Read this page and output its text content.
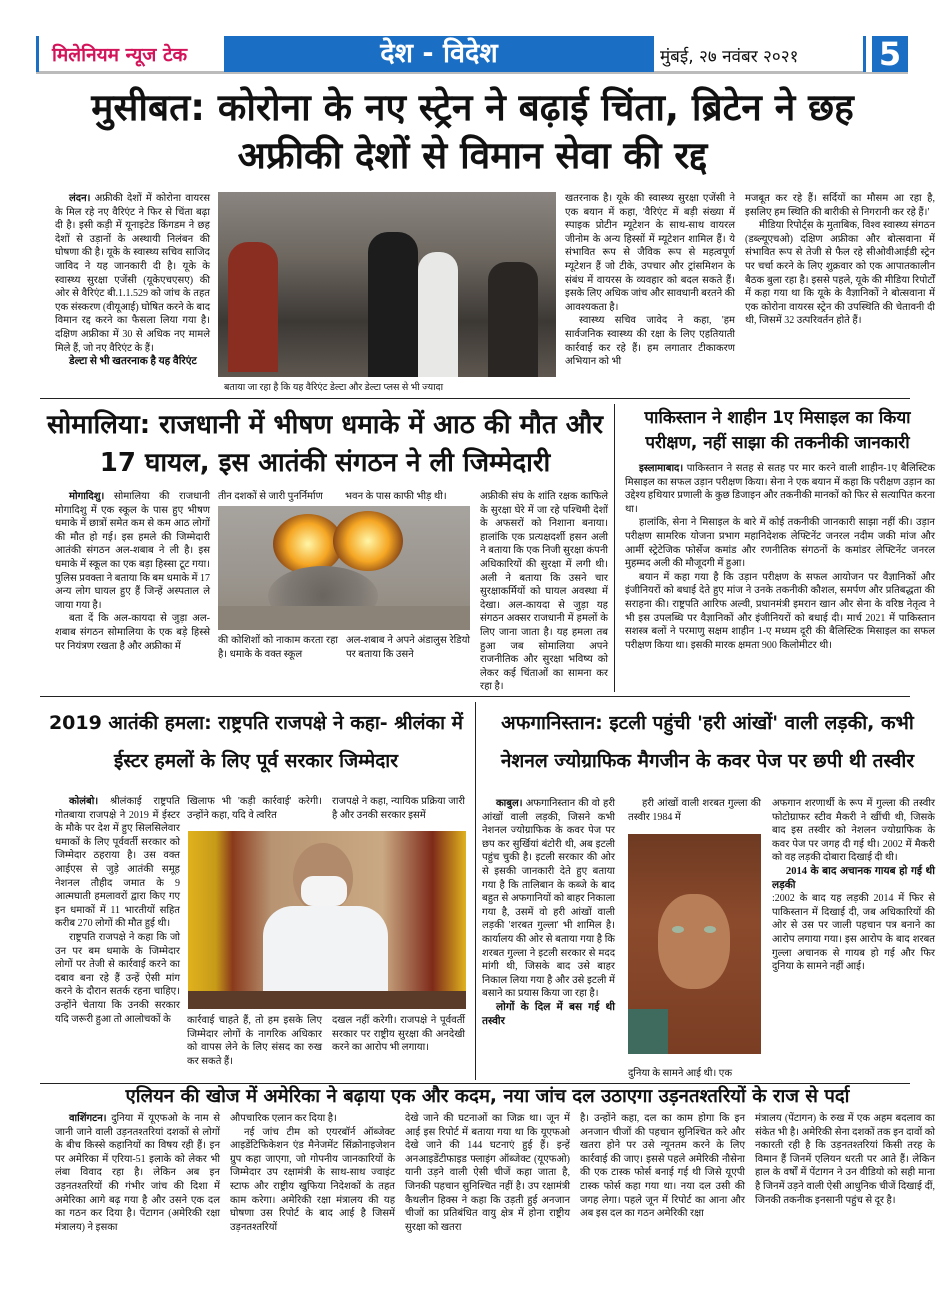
मिलेनियम न्यूज टेक	देश - विदेश	मुंबई, २७ नवंबर २०२१	5
मुसीबत: कोरोना के नए स्ट्रेन ने बढ़ाई चिंता, ब्रिटेन ने छह अफ्रीकी देशों से विमान सेवा की रद्द

लंदन। अफ्रीकी देशों में कोरोना वायरस के मिल रहे नए वैरिएंट ने फिर से चिंता बढ़ा दी है। इसी कड़ी में यूनाइटेड किंगडम ने छह देशों से उड़ानों के अस्थायी निलंबन की घोषणा की है। यूके के स्वास्थ्य सचिव साजिद जाविद ने यह जानकारी दी है। यूके के स्वास्थ्य सुरक्षा एजेंसी (यूकेएचएसए) की ओर से वैरिएंट बी.1.1.529 को जांच के तहत एक संस्करण (वीयूआई) घोषित करने के बाद विमान रद्द करने का फैसला लिया गया है। दक्षिण अफ्रीका में 30 से अधिक नए मामले मिले हैं, जो नए वैरिएंट के हैं।

डेल्टा से भी खतरनाक है यह वैरिएंट

बताया जा रहा है कि यह वैरिएंट डेल्टा और डेल्टा प्लस से भी ज्यादा

खतरनाक है। यूके की स्वास्थ्य सुरक्षा एजेंसी ने एक बयान में कहा, 'वैरिएंट में बड़ी संख्या में स्पाइक प्रोटीन म्यूटेशन के साथ-साथ वायरल जीनोम के अन्य हिस्सों में म्यूटेशन शामिल हैं। ये संभावित रूप से जैविक रूप से महत्वपूर्ण म्यूटेशन हैं जो टीके, उपचार और ट्रांसमिशन के संबंध में वायरस के व्यवहार को बदल सकते हैं। इसके लिए अधिक जांच और सावधानी बरतने की आवश्यकता है।

स्वास्थ्य सचिव जावेद ने कहा, 'हम सार्वजनिक स्वास्थ्य की रक्षा के लिए एहतियाती कार्रवाई कर रहे हैं। हम लगातार टीकाकरण अभियान को भी

मजबूत कर रहे हैं। सर्दियों का मौसम आ रहा है, इसलिए हम स्थिति की बारीकी से निगरानी कर रहे हैं।'

मीडिया रिपोर्ट्स के मुताबिक, विश्व स्वास्थ्य संगठन (डब्ल्यूएचओ) दक्षिण अफ्रीका और बोत्सवाना में संभावित रूप से तेजी से फैल रहे सीओवीआईडी स्ट्रेन पर चर्चा करने के लिए शुक्रवार को एक आपातकालीन बैठक बुला रहा है। इससे पहले, यूके की मीडिया रिपोर्टों में कहा गया था कि यूके के वैज्ञानिकों ने बोत्सवाना में एक कोरोना वायरस स्ट्रेन की उपस्थिति की चेतावनी दी थी, जिसमें 32 उत्परिवर्तन होते हैं।

सोमालिया: राजधानी में भीषण धमाके में आठ की मौत और 17 घायल, इस आतंकी संगठन ने ली जिम्मेदारी

मोगादिशु। सोमालिया की राजधानी मोगादिशु में एक स्कूल के पास हुए भीषण धमाके में छात्रों समेत कम से कम आठ लोगों की मौत हो गई। इस हमले की जिम्मेदारी आतंकी संगठन अल-शबाब ने ली है। इस धमाके में स्कूल का एक बड़ा हिस्सा टूट गया। पुलिस प्रवक्ता ने बताया कि बम धमाके में 17 अन्य लोग घायल हुए हैं जिन्हें अस्पताल ले जाया गया है।

बता दें कि अल-कायदा से जुड़ा अल-शबाब संगठन सोमालिया के एक बड़े हिस्से पर नियंत्रण रखता है और अफ्रीका में

तीन दशकों से जारी पुनर्निर्माण	भवन के पास काफी भीड़ थी।
की कोशिशों को नाकाम करता रहा है। धमाके के वक्त स्कूल
अल-शबाब ने अपने अंडालुस रेडियो पर बताया कि उसने

अफ्रीकी संघ के शांति रक्षक काफिले के सुरक्षा घेरे में जा रहे पश्चिमी देशों के अफसरों को निशाना बनाया। हालांकि एक प्रत्यक्षदर्शी हसन अली ने बताया कि एक निजी सुरक्षा कंपनी अधिकारियों की सुरक्षा में लगी थी। अली ने बताया कि उसने चार सुरक्षाकर्मियों को घायल अवस्था में देखा। अल-कायदा से जुड़ा यह संगठन अक्सर राजधानी में हमलों के लिए जाना जाता है। यह हमला तब हुआ जब सोमालिया अपने राजनीतिक और सुरक्षा भविष्य को लेकर कई चिंताओं का सामना कर रहा है।

पाकिस्तान ने शाहीन 1ए मिसाइल का किया परीक्षण, नहीं साझा की तकनीकी जानकारी

इस्लामाबाद। पाकिस्तान ने सतह से सतह पर मार करने वाली शाहीन-1ए बैलिस्टिक मिसाइल का सफल उड़ान परीक्षण किया। सेना ने एक बयान में कहा कि परीक्षण उड़ान का उद्देश्य हथियार प्रणाली के कुछ डिजाइन और तकनीकी मानकों को फिर से सत्यापित करना था।

हालांकि, सेना ने मिसाइल के बारे में कोई तकनीकी जानकारी साझा नहीं की। उड़ान परीक्षण सामरिक योजना प्रभाग महानिदेशक लेफ्टिनेंट जनरल नदीम जकी मांज और आर्मी स्ट्रेटेजिक फोर्सेज कमांड और रणनीतिक संगठनों के कमांडर लेफ्टिनेंट जनरल मुहम्मद अली की मौजूदगी में हुआ।

बयान में कहा गया है कि उड़ान परीक्षण के सफल आयोजन पर वैज्ञानिकों और इंजीनियरों को बधाई देते हुए मांज ने उनके तकनीकी कौशल, समर्पण और प्रतिबद्धता की सराहना की। राष्ट्रपति आरिफ अल्वी, प्रधानमंत्री इमरान खान और सेना के वरिष्ठ नेतृत्व ने भी इस उपलब्धि पर वैज्ञानिकों और इंजीनियरों को बधाई दी। मार्च 2021 में पाकिस्तान सशस्त्र बलों ने परमाणु सक्षम शाहीन 1-ए मध्यम दूरी की बैलिस्टिक मिसाइल का सफल परीक्षण किया था। इसकी मारक क्षमता 900 किलोमीटर थी।

2019 आतंकी हमला: राष्ट्रपति राजपक्षे ने कहा- श्रीलंका में ईस्टर हमलों के लिए पूर्व सरकार जिम्मेदार

कोलंबो। श्रीलंकाई राष्ट्रपति गोतबाया राजपक्षे ने 2019 में ईस्टर के मौके पर देश में हुए सिलसिलेवार धमाकों के लिए पूर्ववर्ती सरकार को जिम्मेदार ठहराया है। उस वक्त आईएस से जुड़े आतंकी समूह नेशनल तौहीद जमात के 9 आत्मघाती हमलावरों द्वारा किए गए इन धमाकों में 11 भारतीयों सहित करीब 270 लोगों की मौत हुई थी।

राष्ट्रपति राजपक्षे ने कहा कि जो उन पर बम धमाके के जिम्मेदार लोगों पर तेजी से कार्रवाई करने का दबाव बना रहे हैं उन्हें ऐसी मांग करने के दौरान सतर्क रहना चाहिए। उन्होंने चेताया कि उनकी सरकार यदि जरूरी हुआ तो आलोचकों के

खिलाफ भी 'कड़ी कार्रवाई' करेगी। उन्होंने कहा, यदि वे त्वरित
राजपक्षे ने कहा, न्यायिक प्रक्रिया जारी है और उनकी सरकार इसमें
कार्रवाई चाहते हैं, तो हम इसके लिए जिम्मेदार लोगों के नागरिक अधिकार को वापस लेने के लिए संसद का रुख कर सकते हैं।
दखल नहीं करेगी। राजपक्षे ने पूर्ववर्ती सरकार पर राष्ट्रीय सुरक्षा की अनदेखी करने का आरोप भी लगाया।
अफगानिस्तान: इटली पहुंची 'हरी आंखों' वाली लड़की, कभी नेशनल ज्योग्राफिक मैगजीन के कवर पेज पर छपी थी तस्वीर

काबुल। अफगानिस्तान की वो हरी आंखों वाली लड़की, जिसने कभी नेशनल ज्योग्राफिक के कवर पेज पर छप कर सुर्खियां बंटोरी थी, अब इटली पहुंच चुकी है। इटली सरकार की ओर से इसकी जानकारी देते हुए बताया गया है कि तालिबान के कब्जे के बाद बहुत से अफगानियों को बाहर निकाला गया है, उसमें वो हरी आंखों वाली लड़की 'शरबत गुल्ला' भी शामिल है। कार्यालय की ओर से बताया गया है कि शरबत गुल्ला ने इटली सरकार से मदद मांगी थी, जिसके बाद उसे बाहर निकाल लिया गया है और उसे इटली में बसाने का प्रयास किया जा रहा है।

लोगों के दिल में बस गई थी तस्वीर

हरी आंखों वाली शरबत गुल्ला की तस्वीर 1984 में
दुनिया के सामने आई थी। एक

अफगान शरणार्थी के रूप में गुल्ला की तस्वीर फोटोग्राफर स्टीव मैकरी ने खींची थी, जिसके बाद इस तस्वीर को नेशलन ज्योग्राफिक के कवर पेज पर जगह दी गई थी। 2002 में मैकरी को वह लड़की दोबारा दिखाई दी थी।

2014 के बाद अचानक गायब हो गई थी लड़की

:2002 के बाद यह लड़की 2014 में फिर से पाकिस्तान में दिखाई दी, जब अधिकारियों की ओर से उस पर जाली पहचान पत्र बनाने का आरोप लगाया गया। इस आरोप के बाद शरबत गुल्ला अचानक से गायब हो गई और फिर दुनिया के सामने नहीं आई।

एलियन की खोज में अमेरिका ने बढ़ाया एक और कदम, नया जांच दल उठाएगा उड़नतश्तरियों के राज से पर्दा

वाशिंगटन। दुनिया में यूएफओ के नाम से जानी जाने वाली उड़नतश्तरियां दशकों से लोगों के बीच किस्से कहानियों का विषय रही हैं। इन पर अमेरिका में एरिया-51 इलाके को लेकर भी लंबा विवाद रहा है। लेकिन अब इन उड़नतश्तरियों की गंभीर जांच की दिशा में अमेरिका आगे बढ़ गया है और उसने एक दल का गठन कर दिया है। पेंटागन (अमेरिकी रक्षा मंत्रालय) ने इसका

औपचारिक एलान कर दिया है।

नई जांच टीम को एयरबॉर्न ऑब्जेक्ट आइडेंटिफिकेशन एंड मैनेजमेंट सिंक्रोनाइजेशन ग्रुप कहा जाएगा, जो गोपनीय जानकारियों के जिम्मेदार उप रक्षामंत्री के साथ-साथ ज्वाइंट स्टाफ और राष्ट्रीय खुफिया निदेशकों के तहत काम करेगा। अमेरिकी रक्षा मंत्रालय की यह घोषणा उस रिपोर्ट के बाद आई है जिसमें उड़नतश्तरियों

देखे जाने की घटनाओं का जिक्र था। जून में आई इस रिपोर्ट में बताया गया था कि यूएफओ देखे जाने की 144 घटनाएं हुई हैं। इन्हें अनआइडेंटीफाइड फ्लाइंग ऑब्जेक्ट (यूएफओ) यानी उड़ने वाली ऐसी चीजें कहा जाता है, जिनकी पहचान सुनिश्चित नहीं है। उप रक्षामंत्री कैथलीन हिक्स ने कहा कि उड़ती हुई अनजान चीजों का प्रतिबंधित वायु क्षेत्र में होना राष्ट्रीय सुरक्षा को खतरा

है। उन्होंने कहा, दल का काम होगा कि इन अनजान चीजों की पहचान सुनिश्चित करे और खतरा होने पर उसे न्यूनतम करने के लिए कार्रवाई की जाए। इससे पहले अमेरिकी नौसेना की एक टास्क फोर्स बनाई गई थी जिसे यूएपी टास्क फोर्स कहा गया था। नया दल उसी की जगह लेगा। पहले जून में रिपोर्ट का आना और अब इस दल का गठन अमेरिकी रक्षा

मंत्रालय (पेंटागन) के रुख में एक अहम बदलाव का संकेत भी है। अमेरिकी सेना दशकों तक इन दावों को नकारती रही है कि उड़नतश्तरियां किसी तरह के विमान हैं जिनमें एलियन धरती पर आते हैं। लेकिन हाल के वर्षों में पेंटागन ने उन वीडियो को सही माना है जिनमें उड़ने वाली ऐसी आधुनिक चीजें दिखाई दीं, जिनकी तकनीक इनसानी पहुंच से दूर है।
